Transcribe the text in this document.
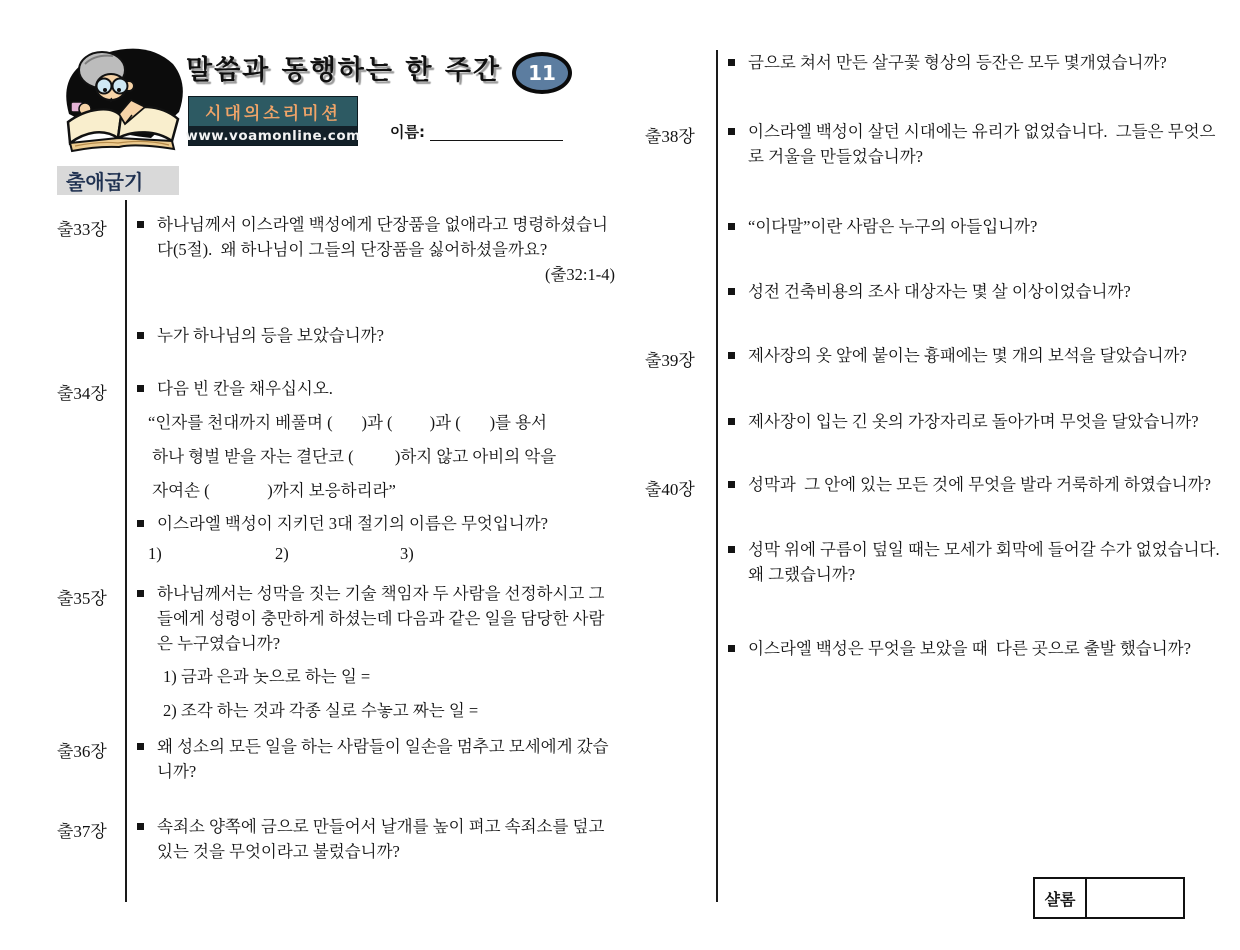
말씀과 동행하는 한 주간	11
시대의소리미션
www.voamonline.com 이름:
출애굽기
출33장	하나님께서 이스라엘 백성에게 단장품을 없애라고 명령하셨습니다(5절).  왜 하나님이 그들의 단장품을 싫어하셨을까요?
(출32:1-4)
누가 하나님의 등을 보았습니까?
출34장	다음 빈 칸을 채우십시오.
“인자를 천대까지 베풀며 (       )과 (         )과 (       )를 용서
하나 형벌 받을 자는 결단코 (          )하지 않고 아비의 악을
자여손 (              )까지 보응하리라”
이스라엘 백성이 지키던 3대 절기의 이름은 무엇입니까?
1)	2)	3)
출35장	하나님께서는 성막을 짓는 기술 책임자 두 사람을 선정하시고 그들에게 성령이 충만하게 하셨는데 다음과 같은 일을 담당한 사람은 누구였습니까?
1) 금과 은과 놋으로 하는 일 =
2) 조각 하는 것과 각종 실로 수놓고 짜는 일 =
출36장	왜 성소의 모든 일을 하는 사람들이 일손을 멈추고 모세에게 갔습니까?
출37장	속죄소 양쪽에 금으로 만들어서 날개를 높이 펴고 속죄소를 덮고 있는 것을 무엇이라고 불렀습니까?
금으로 쳐서 만든 살구꽃 형상의 등잔은 모두 몇개였습니까?
출38장	이스라엘 백성이 살던 시대에는 유리가 없었습니다.  그들은 무엇으로 거울을 만들었습니까?
“이다말”이란 사람은 누구의 아들입니까?
성전 건축비용의 조사 대상자는 몇 살 이상이었습니까?
출39장	제사장의 옷 앞에 붙이는 흉패에는 몇 개의 보석을 달았습니까?
제사장이 입는 긴 옷의 가장자리로 돌아가며 무엇을 달았습니까?
출40장	성막과  그 안에 있는 모든 것에 무엇을 발라 거룩하게 하였습니까?
성막 위에 구름이 덮일 때는 모세가 회막에 들어갈 수가 없었습니다.  왜 그랬습니까?
이스라엘 백성은 무엇을 보았을 때  다른 곳으로 출발 했습니까?
샬롬
